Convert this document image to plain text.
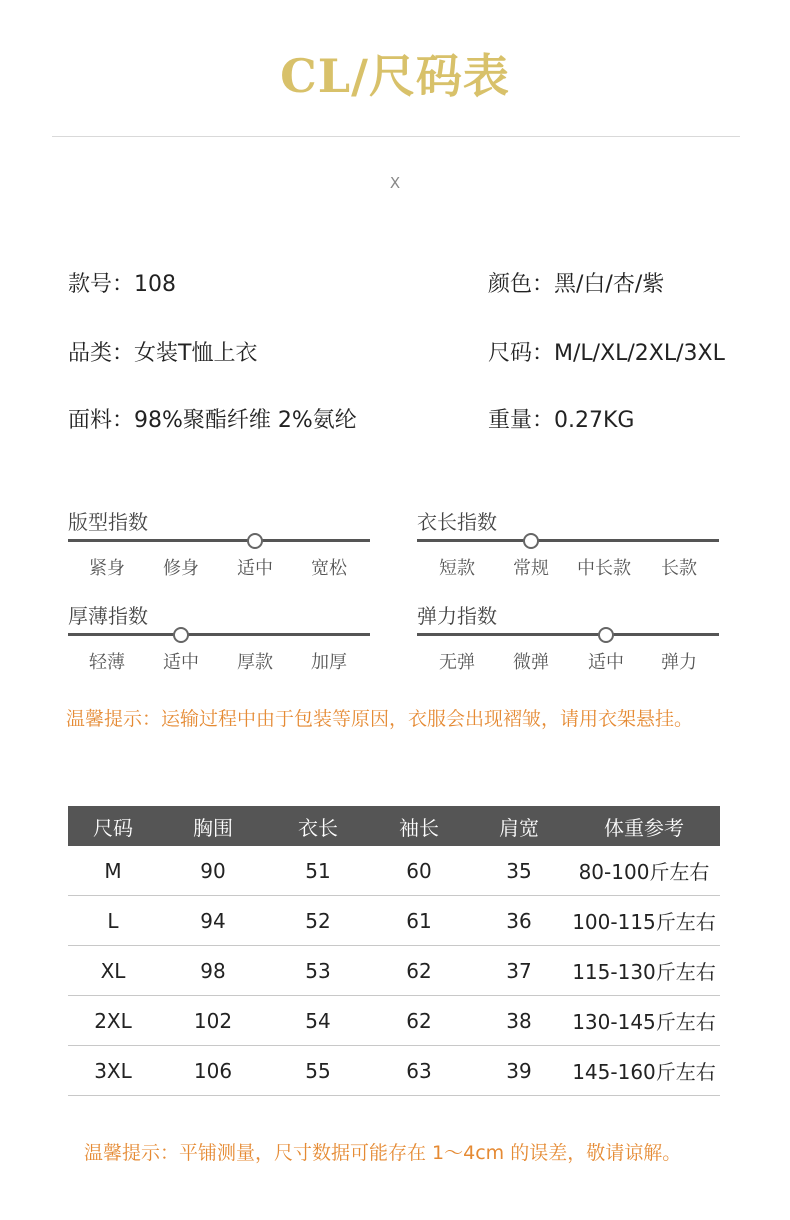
CL/尺码表
X
款号：108	颜色：黑/白/杏/紫
品类：女装T恤上衣	尺码：M/L/XL/2XL/3XL
面料：98%聚酯纤维 2%氨纶	重量：0.27KG
版型指数
紧身	修身	适中	宽松
衣长指数
短款	常规	中长款	长款
厚薄指数
轻薄	适中	厚款	加厚
弹力指数
无弹	微弹	适中	弹力
温馨提示：运输过程中由于包装等原因，衣服会出现褶皱，请用衣架悬挂。
尺码	胸围	衣长	袖长	肩宽	体重参考
M	90	51	60	35	80-100斤左右
L	94	52	61	36	100-115斤左右
XL	98	53	62	37	115-130斤左右
2XL	102	54	62	38	130-145斤左右
3XL	106	55	63	39	145-160斤左右
温馨提示：平铺测量，尺寸数据可能存在 1～4cm 的误差，敬请谅解。
